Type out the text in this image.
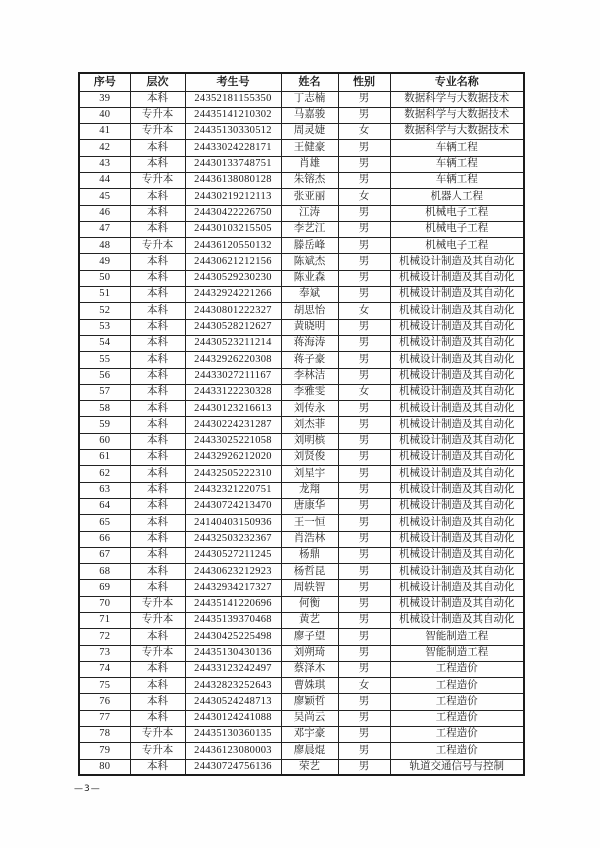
序号	层次	考生号	姓名	性别	专业名称
39	本科	24352181155350	丁志楠	男	数据科学与大数据技术
40	专升本	24435141210302	马嘉骏	男	数据科学与大数据技术
41	专升本	24435130330512	周灵婕	女	数据科学与大数据技术
42	本科	24433024228171	王健豪	男	车辆工程
43	本科	24430133748751	肖雄	男	车辆工程
44	专升本	24436138080128	朱镕杰	男	车辆工程
45	本科	24430219212113	张亚丽	女	机器人工程
46	本科	24430422226750	江涛	男	机械电子工程
47	本科	24430103215505	李艺江	男	机械电子工程
48	专升本	24436120550132	滕岳峰	男	机械电子工程
49	本科	24430621212156	陈斌杰	男	机械设计制造及其自动化
50	本科	24430529230230	陈业森	男	机械设计制造及其自动化
51	本科	24432924221266	奉斌	男	机械设计制造及其自动化
52	本科	24430801222327	胡思怡	女	机械设计制造及其自动化
53	本科	24430528212627	黄晓明	男	机械设计制造及其自动化
54	本科	24430523211214	蒋海涛	男	机械设计制造及其自动化
55	本科	24432926220308	蒋子豪	男	机械设计制造及其自动化
56	本科	24433027211167	李林洁	男	机械设计制造及其自动化
57	本科	24433122230328	李雅雯	女	机械设计制造及其自动化
58	本科	24430123216613	刘传永	男	机械设计制造及其自动化
59	本科	24430224231287	刘杰菲	男	机械设计制造及其自动化
60	本科	24433025221058	刘明槟	男	机械设计制造及其自动化
61	本科	24432926212020	刘贤俊	男	机械设计制造及其自动化
62	本科	24432505222310	刘星宇	男	机械设计制造及其自动化
63	本科	24432321220751	龙翔	男	机械设计制造及其自动化
64	本科	24430724213470	唐康华	男	机械设计制造及其自动化
65	本科	24140403150936	王一恒	男	机械设计制造及其自动化
66	本科	24432503232367	肖浩林	男	机械设计制造及其自动化
67	本科	24430527211245	杨鼎	男	机械设计制造及其自动化
68	本科	24430623212923	杨哲昆	男	机械设计制造及其自动化
69	本科	24432934217327	周轶智	男	机械设计制造及其自动化
70	专升本	24435141220696	何衡	男	机械设计制造及其自动化
71	专升本	24435139370468	黄艺	男	机械设计制造及其自动化
72	本科	24430425225498	廖子望	男	智能制造工程
73	专升本	24435130430136	刘朔琦	男	智能制造工程
74	本科	24433123242497	蔡泽木	男	工程造价
75	本科	24432823252643	曹姝琪	女	工程造价
76	本科	24430524248713	廖颖哲	男	工程造价
77	本科	24430124241088	吴尚云	男	工程造价
78	专升本	24435130360135	邓宇豪	男	工程造价
79	专升本	24436123080003	廖晨焜	男	工程造价
80	本科	24430724756136	荣艺	男	轨道交通信号与控制
—3—
